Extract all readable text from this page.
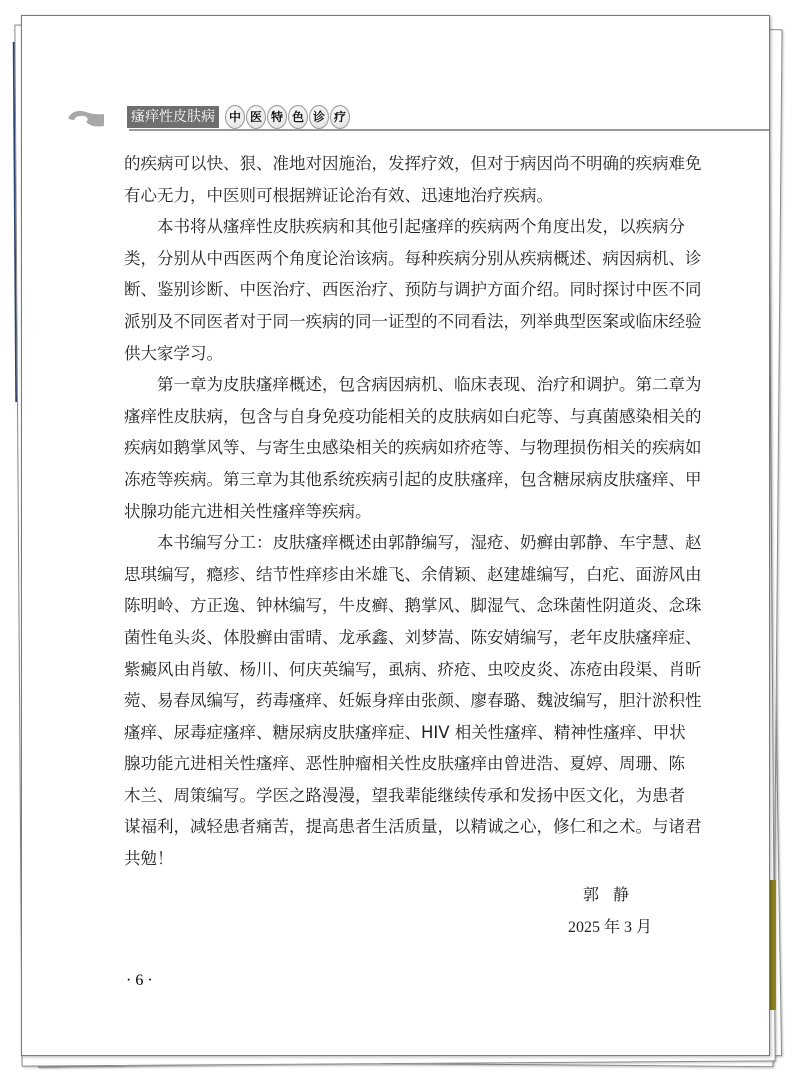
瘙痒性皮肤病	中 医 特 色 诊 疗
的疾病可以快、狠、准地对因施治，发挥疗效，但对于病因尚不明确的疾病难免
有心无力，中医则可根据辨证论治有效、迅速地治疗疾病。
本书将从瘙痒性皮肤疾病和其他引起瘙痒的疾病两个角度出发，以疾病分
类，分别从中西医两个角度论治该病。每种疾病分别从疾病概述、病因病机、诊
断、鉴别诊断、中医治疗、西医治疗、预防与调护方面介绍。同时探讨中医不同
派别及不同医者对于同一疾病的同一证型的不同看法，列举典型医案或临床经验
供大家学习。
第一章为皮肤瘙痒概述，包含病因病机、临床表现、治疗和调护。第二章为
瘙痒性皮肤病，包含与自身免疫功能相关的皮肤病如白疕等、与真菌感染相关的
疾病如鹅掌风等、与寄生虫感染相关的疾病如疥疮等、与物理损伤相关的疾病如
冻疮等疾病。第三章为其他系统疾病引起的皮肤瘙痒，包含糖尿病皮肤瘙痒、甲
状腺功能亢进相关性瘙痒等疾病。
本书编写分工：皮肤瘙痒概述由郭静编写，湿疮、奶癣由郭静、车宇慧、赵
思琪编写，瘾疹、结节性痒疹由米雄飞、余倩颖、赵建雄编写，白疕、面游风由
陈明岭、方正逸、钟林编写，牛皮癣、鹅掌风、脚湿气、念珠菌性阴道炎、念珠
菌性龟头炎、体股癣由雷晴、龙承鑫、刘梦嵩、陈安婧编写，老年皮肤瘙痒症、
紫癜风由肖敏、杨川、何庆英编写，虱病、疥疮、虫咬皮炎、冻疮由段渠、肖昕
菀、易春凤编写，药毒瘙痒、妊娠身痒由张颜、廖春璐、魏波编写，胆汁淤积性
瘙痒、尿毒症瘙痒、糖尿病皮肤瘙痒症、HIV 相关性瘙痒、精神性瘙痒、甲状
腺功能亢进相关性瘙痒、恶性肿瘤相关性皮肤瘙痒由曾进浩、夏婷、周珊、陈
木兰、周策编写。学医之路漫漫，望我辈能继续传承和发扬中医文化，为患者
谋福利，减轻患者痛苦，提高患者生活质量，以精诚之心，修仁和之术。与诸君
共勉！
郭静
2025 年 3 月
· 6 ·
